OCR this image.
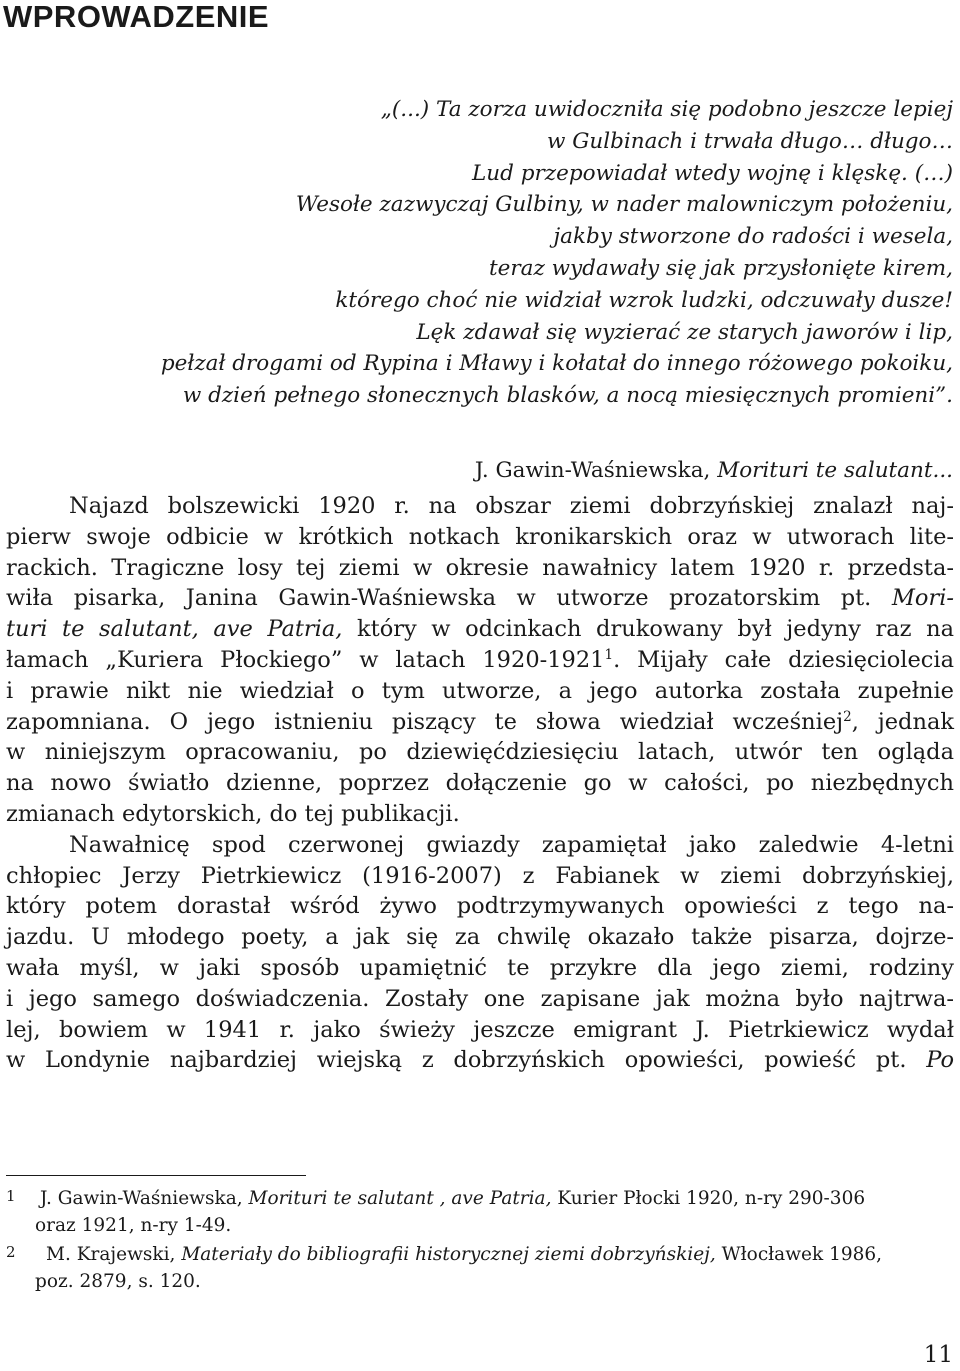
WPROWADZENIE
„(...) Ta zorza uwidoczniła się podobno jeszcze lepiej
w Gulbinach i trwała długo… długo…
Lud przepowiadał wtedy wojnę i klęskę. (…)
Wesołe zazwyczaj Gulbiny, w nader malowniczym położeniu,
jakby stworzone do radości i wesela,
teraz wydawały się jak przysłonięte kirem,
którego choć nie widział wzrok ludzki, odczuwały dusze!
Lęk zdawał się wyzierać ze starych jaworów i lip,
pełzał drogami od Rypina i Mławy i kołatał do innego różowego pokoiku,
w dzień pełnego słonecznych blasków, a nocą miesięcznych promieni”.
J. Gawin-Waśniewska, Morituri te salutant...
Najazd bolszewicki 1920 r. na obszar ziemi dobrzyńskiej znalazł naj-
pierw swoje odbicie w krótkich notkach kronikarskich oraz w utworach lite-
rackich. Tragiczne losy tej ziemi w okresie nawałnicy latem 1920 r. przedsta-
wiła pisarka, Janina Gawin-Waśniewska w utworze prozatorskim pt. Mori-
turi te salutant, ave Patria, który w odcinkach drukowany był jedyny raz na
łamach „Kuriera Płockiego” w latach 1920-1921$^1$. Mijały całe dziesięciolecia
i prawie nikt nie wiedział o tym utworze, a jego autorka została zupełnie
zapomniana. O jego istnieniu piszący te słowa wiedział wcześniej$^2$, jednak
w niniejszym opracowaniu, po dziewięćdziesięciu latach, utwór ten ogląda
na nowo światło dzienne, poprzez dołączenie go w całości, po niezbędnych
zmianach edytorskich, do tej publikacji.
Nawałnicę spod czerwonej gwiazdy zapamiętał jako zaledwie 4-letni
chłopiec Jerzy Pietrkiewicz (1916-2007) z Fabianek w ziemi dobrzyńskiej,
który potem dorastał wśród żywo podtrzymywanych opowieści z tego na-
jazdu. U młodego poety, a jak się za chwilę okazało także pisarza, dojrze-
wała myśl, w jaki sposób upamiętnić te przykre dla jego ziemi, rodziny
i jego samego doświadczenia. Zostały one zapisane jak można było najtrwa-
lej, bowiem w 1941 r. jako świeży jeszcze emigrant J. Pietrkiewicz wydał
w Londynie najbardziej wiejską z dobrzyńskich opowieści, powieść pt. Po
1 J. Gawin-Waśniewska, Morituri te salutant , ave Patria, Kurier Płocki 1920, n-ry 290-306
oraz 1921, n-ry 1-49.
2 M. Krajewski, Materiały do bibliografii historycznej ziemi dobrzyńskiej, Włocławek 1986,
poz. 2879, s. 120.
11
